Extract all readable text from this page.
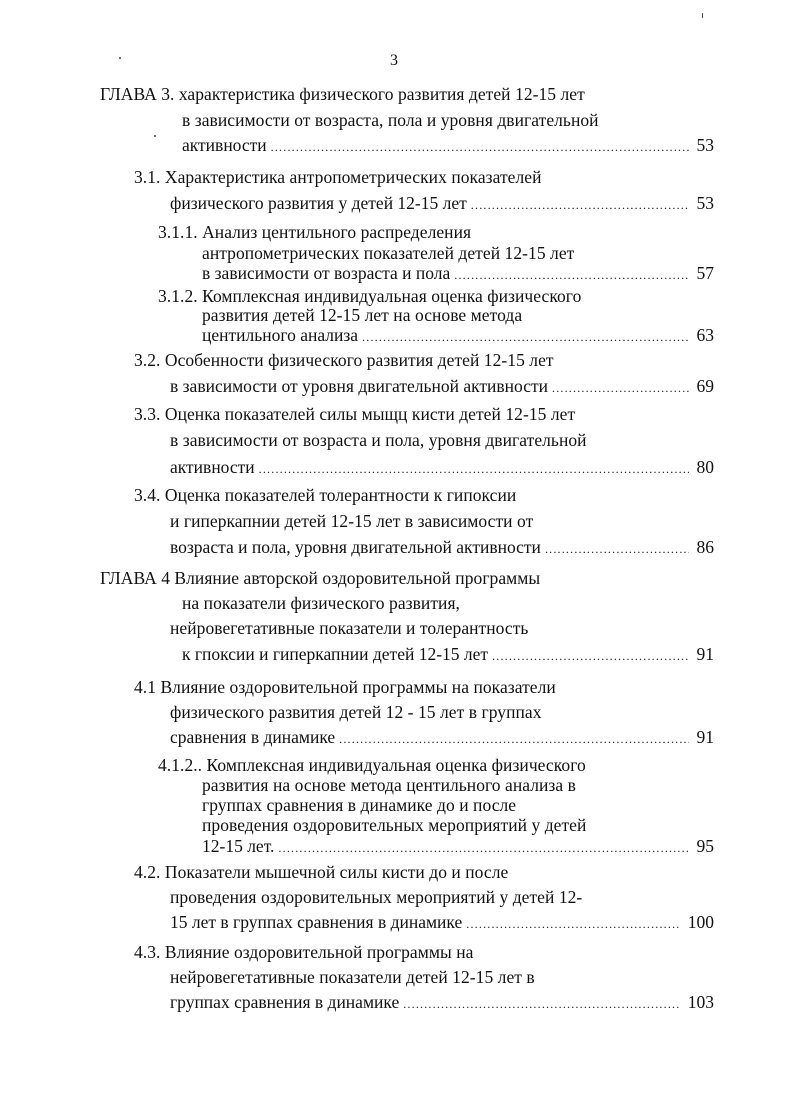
3
ГЛАВА 3. характеристика физического развития детей 12-15 лет
в зависимости от возраста, пола и уровня двигательной
активности .....	53
3.1. Характеристика антропометрических показателей
физического развития у детей 12-15 лет .....	53
3.1.1. Анализ центильного распределения
антропометрических показателей детей 12-15 лет
в зависимости от возраста и пола .....	57
3.1.2. Комплексная индивидуальная оценка физического
развития детей 12-15 лет на основе метода
центильного анализа .....	63
3.2. Особенности физического развития детей 12-15 лет
в зависимости от уровня двигательной активности .....	69
3.3. Оценка показателей силы мыщц кисти детей 12-15 лет
в зависимости от возраста и пола, уровня двигательной
активности .....	80
3.4. Оценка показателей толерантности к гипоксии
и гиперкапнии детей 12-15 лет в зависимости от
возраста и пола, уровня двигательной активности .....	86
ГЛАВА 4 Влияние авторской оздоровительной программы
на показатели физического развития,
нейровегетативные показатели и толерантность
к гпоксии и гиперкапнии детей 12-15 лет .....	91
4.1 Влияние оздоровительной программы на показатели
физического развития детей 12 - 15 лет в группах
сравнения в динамике .....	91
4.1.2.. Комплексная индивидуальная оценка физического
развития на основе метода центильного анализа в
группах сравнения в динамике до и после
проведения оздоровительных мероприятий у детей
12-15 лет. .....	95
4.2. Показатели мышечной силы кисти до и после
проведения оздоровительных мероприятий у детей 12-
15 лет в группах сравнения в динамике .....	100
4.3. Влияние оздоровительной программы на
нейровегетативные показатели детей 12-15 лет в
группах сравнения в динамике .....	103
